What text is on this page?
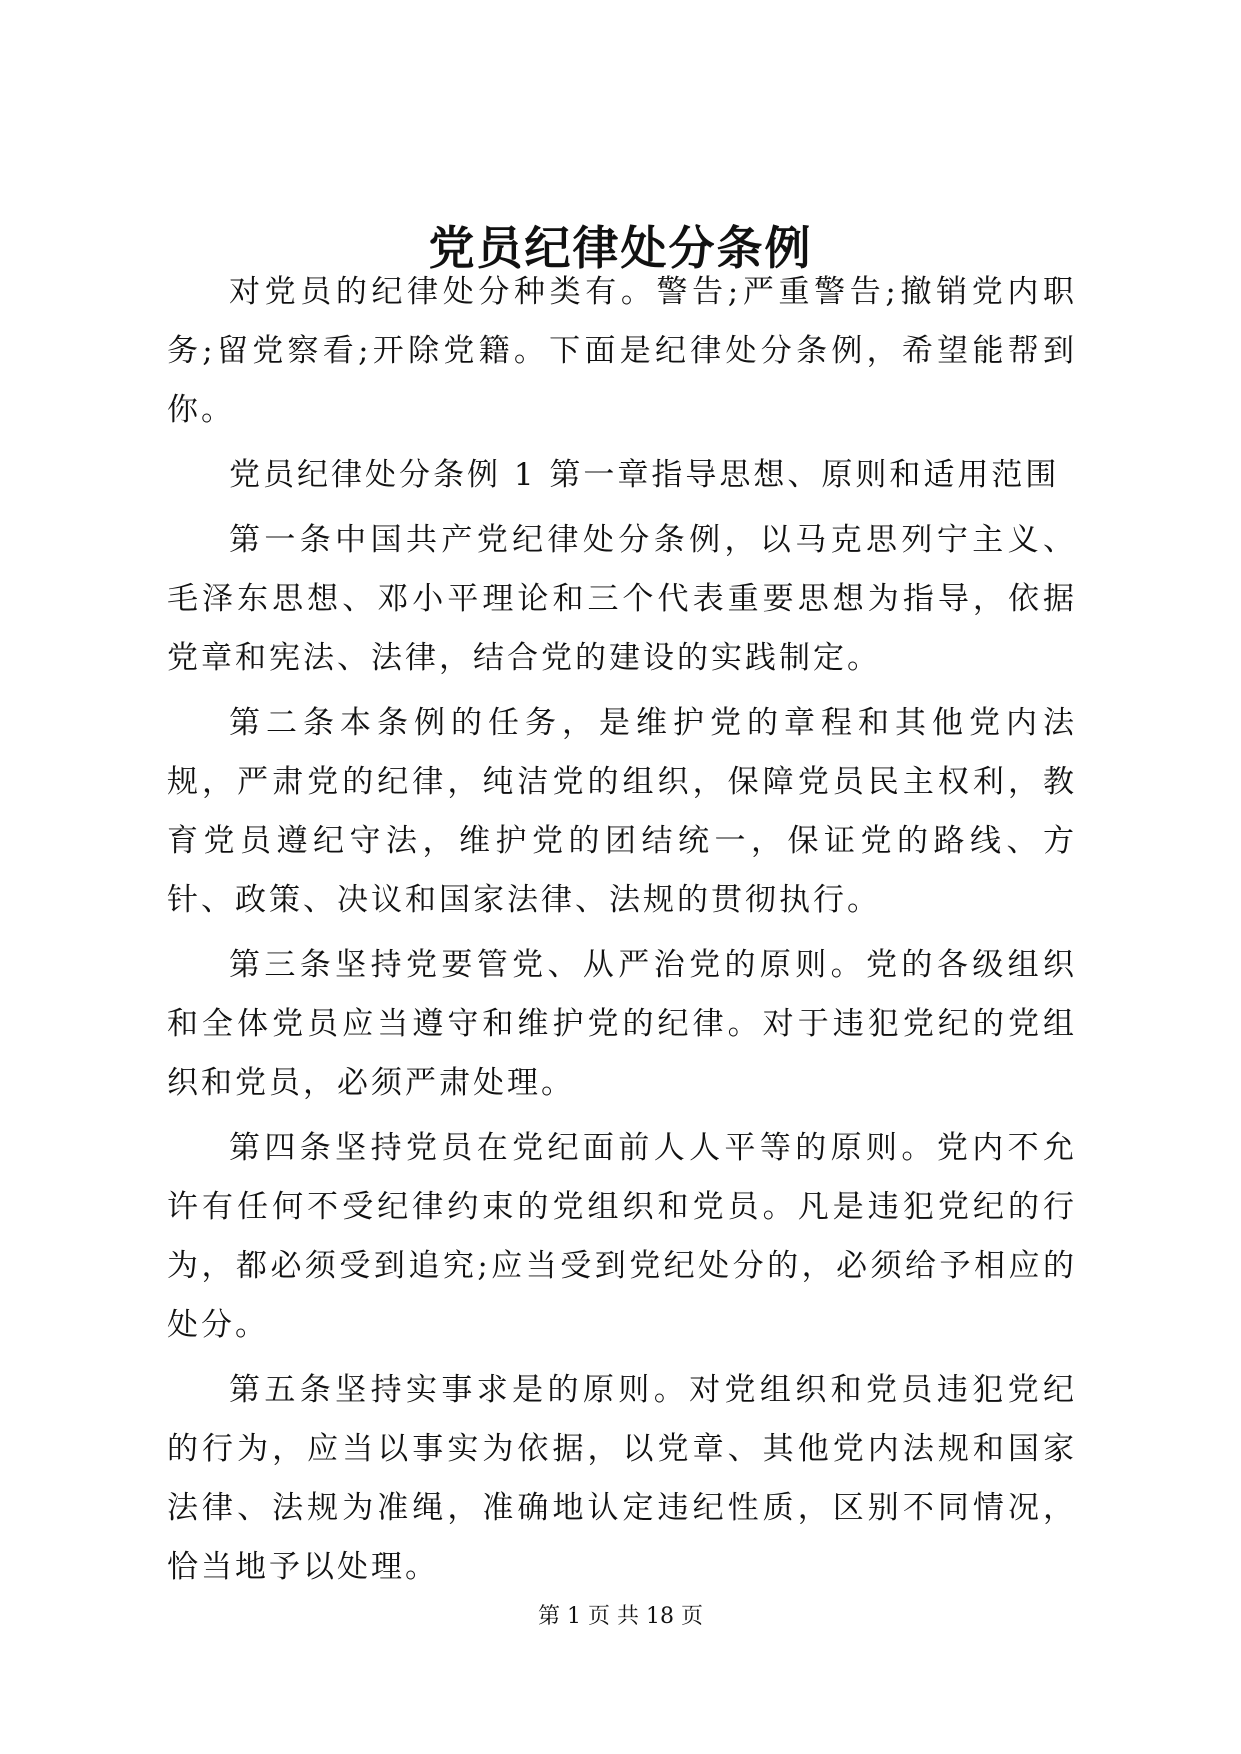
党员纪律处分条例

对党员的纪律处分种类有。警告;严重警告;撤销党内职务;留党察看;开除党籍。下面是纪律处分条例，希望能帮到你。

党员纪律处分条例 1 第一章指导思想、原则和适用范围

第一条中国共产党纪律处分条例，以马克思列宁主义、毛泽东思想、邓小平理论和三个代表重要思想为指导，依据党章和宪法、法律，结合党的建设的实践制定。

第二条本条例的任务，是维护党的章程和其他党内法规，严肃党的纪律，纯洁党的组织，保障党员民主权利，教育党员遵纪守法，维护党的团结统一，保证党的路线、方针、政策、决议和国家法律、法规的贯彻执行。

第三条坚持党要管党、从严治党的原则。党的各级组织和全体党员应当遵守和维护党的纪律。对于违犯党纪的党组织和党员，必须严肃处理。

第四条坚持党员在党纪面前人人平等的原则。党内不允许有任何不受纪律约束的党组织和党员。凡是违犯党纪的行为，都必须受到追究;应当受到党纪处分的，必须给予相应的处分。

第五条坚持实事求是的原则。对党组织和党员违犯党纪的行为，应当以事实为依据，以党章、其他党内法规和国家法律、法规为准绳，准确地认定违纪性质，区别不同情况，恰当地予以处理。

第 1 页 共 18 页
